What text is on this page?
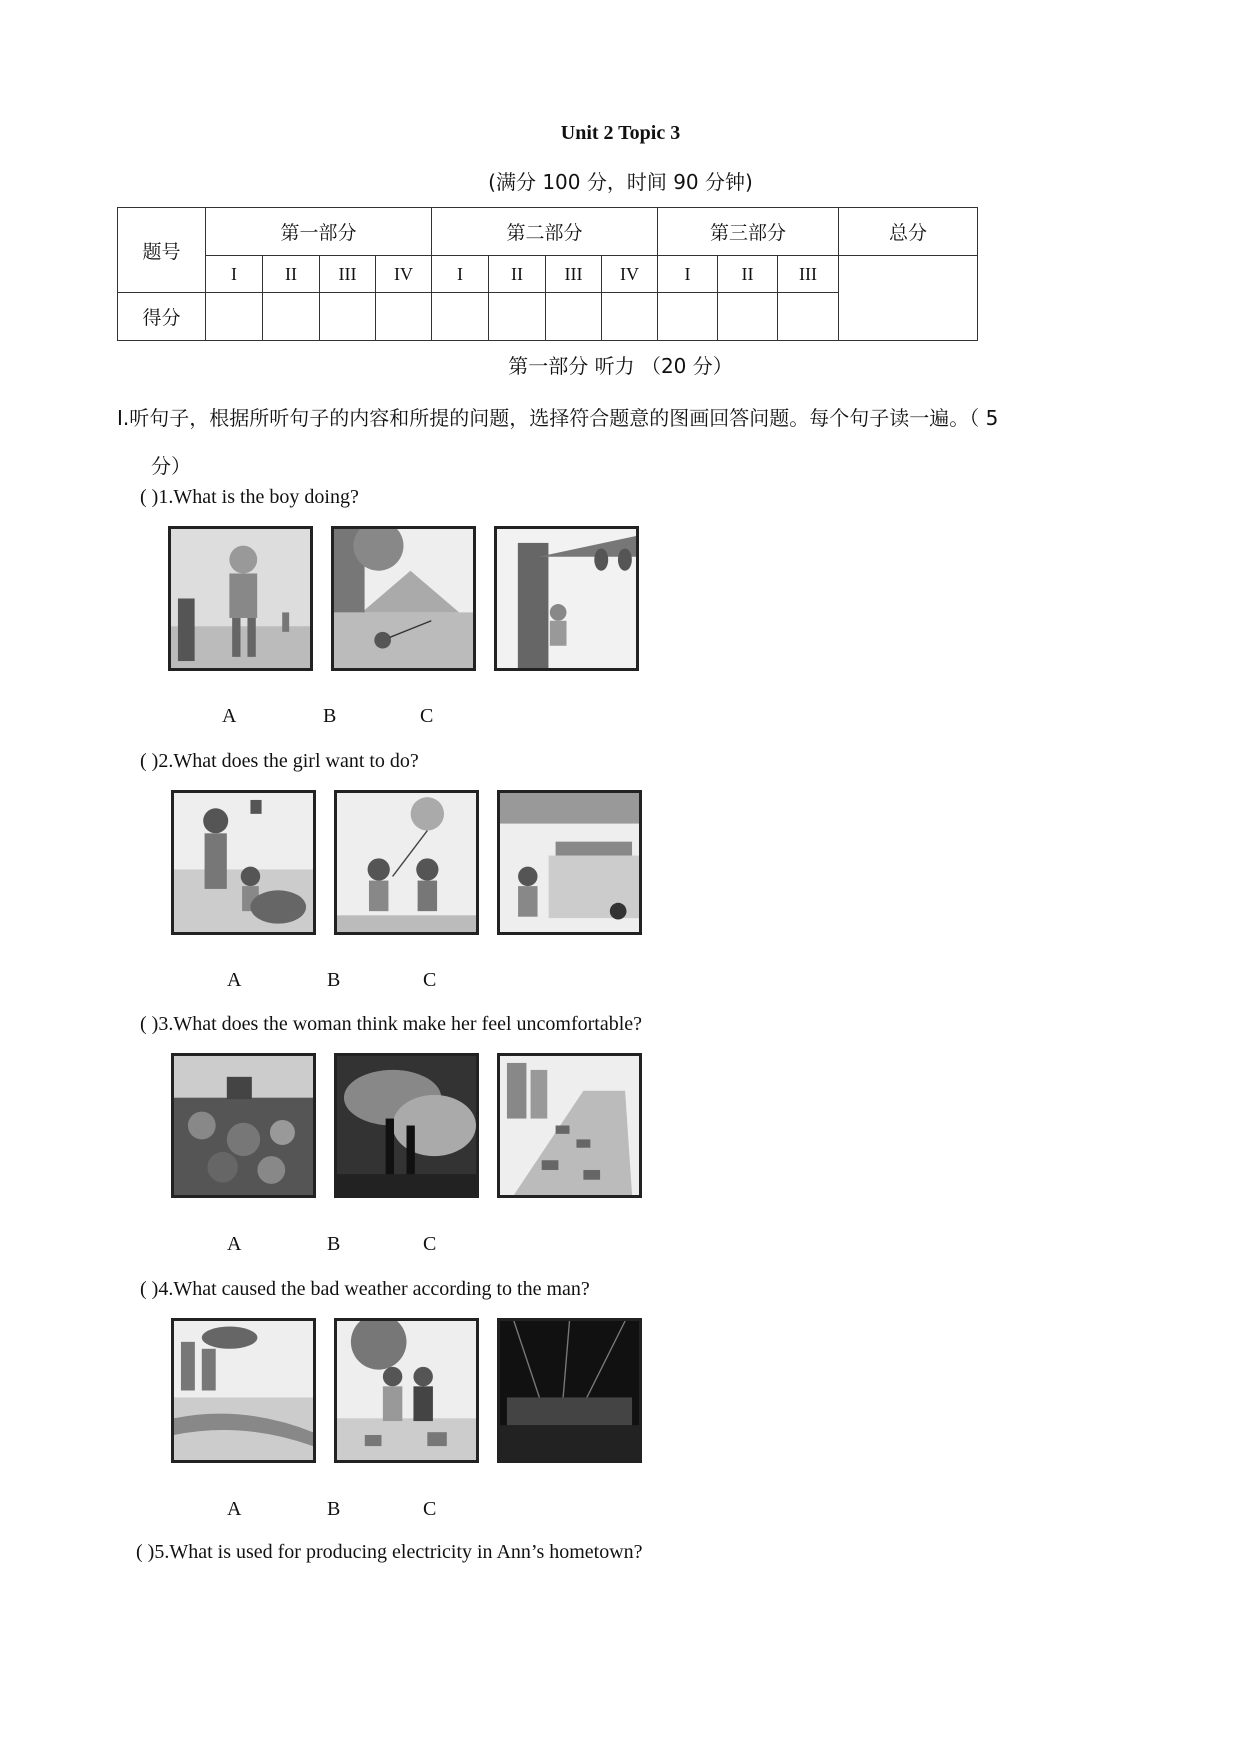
Unit 2 Topic 3
(满分 100 分，时间 90 分钟)
题号	第一部分				第二部分				第三部分			总分
	I	II	III	IV	I	II	III	IV	I	II	III	
得分												
第一部分 听力 （20 分）
I.听句子，根据所听句子的内容和所提的问题，选择符合题意的图画回答问题。每个句子读一遍。（ 5
分）
( )1.What is the boy doing?
A	B	C
( )2.What does the girl want to do?
A	B	C
( )3.What does the woman think make her feel uncomfortable?
A	B	C
( )4.What caused the bad weather according to the man?
A	B	C
( )5.What is used for producing electricity in Ann’s hometown?
